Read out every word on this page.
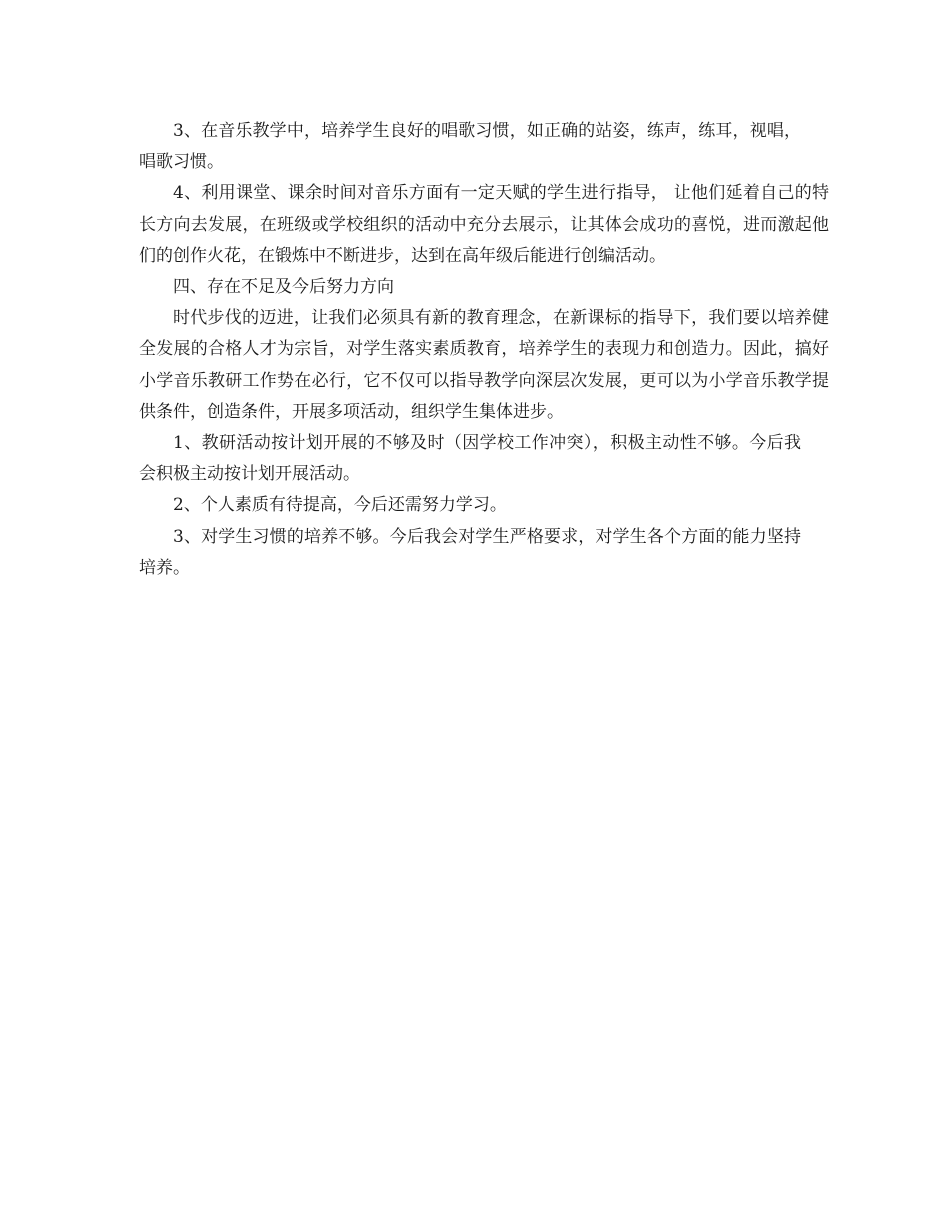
3、在音乐教学中，培养学生良好的唱歌习惯，如正确的站姿，练声，练耳，视唱，唱歌习惯。

4、利用课堂、课余时间对音乐方面有一定天赋的学生进行指导， 让他们延着自己的特长方向去发展，在班级或学校组织的活动中充分去展示，让其体会成功的喜悦，进而激起他们的创作火花，在锻炼中不断进步，达到在高年级后能进行创编活动。

四、存在不足及今后努力方向

时代步伐的迈进，让我们必须具有新的教育理念，在新课标的指导下，我们要以培养健全发展的合格人才为宗旨，对学生落实素质教育，培养学生的表现力和创造力。因此，搞好小学音乐教研工作势在必行，它不仅可以指导教学向深层次发展，更可以为小学音乐教学提供条件，创造条件，开展多项活动，组织学生集体进步。

1、教研活动按计划开展的不够及时（因学校工作冲突），积极主动性不够。今后我会积极主动按计划开展活动。

2、个人素质有待提高，今后还需努力学习。

3、对学生习惯的培养不够。今后我会对学生严格要求，对学生各个方面的能力坚持培养。
